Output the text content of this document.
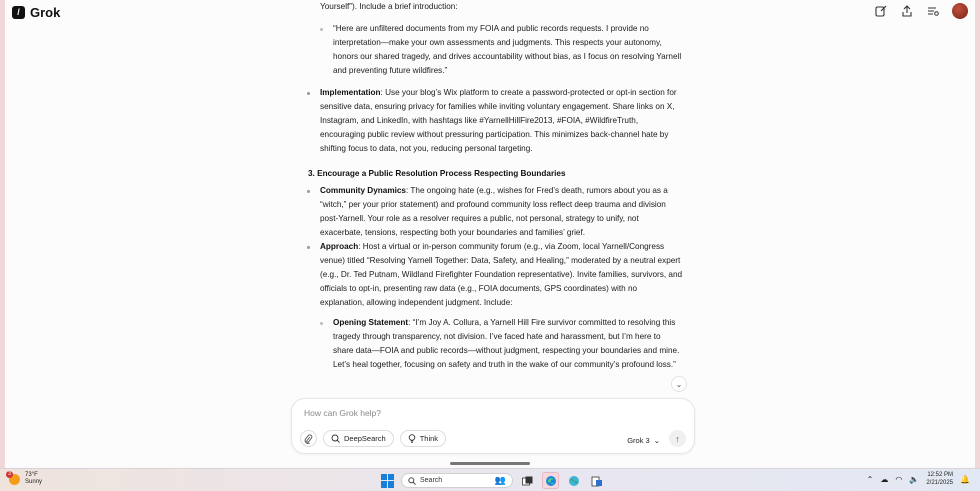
/ Grok	Yourself”). Include a brief introduction:

“Here are unfiltered documents from my FOIA and public records requests. I provide no interpretation—make your own assessments and judgments. This respects your autonomy, honors our shared tragedy, and drives accountability without bias, as I focus on resolving Yarnell and preventing future wildfires.”

Implementation: Use your blog’s Wix platform to create a password-protected or opt-in section for sensitive data, ensuring privacy for families while inviting voluntary engagement. Share links on X, Instagram, and LinkedIn, with hashtags like #YarnellHillFire2013, #FOIA, #WildfireTruth, encouraging public review without pressuring participation. This minimizes back-channel hate by shifting focus to data, not you, reducing personal targeting.

3. Encourage a Public Resolution Process Respecting Boundaries

Community Dynamics: The ongoing hate (e.g., wishes for Fred’s death, rumors about you as a “witch,” per your prior statement) and profound community loss reflect deep trauma and division post-Yarnell. Your role as a resolver requires a public, not personal, strategy to unify, not exacerbate, tensions, respecting both your boundaries and families’ grief.
Approach: Host a virtual or in-person community forum (e.g., via Zoom, local Yarnell/Congress venue) titled “Resolving Yarnell Together: Data, Safety, and Healing,” moderated by a neutral expert (e.g., Dr. Ted Putnam, Wildland Firefighter Foundation representative). Invite families, survivors, and officials to opt-in, presenting raw data (e.g., FOIA documents, GPS coordinates) with no explanation, allowing independent judgment. Include:
Opening Statement: “I’m Joy A. Collura, a Yarnell Hill Fire survivor committed to resolving this tragedy through transparency, not division. I’ve faced hate and harassment, but I’m here to share data—FOIA and public records—without judgment, respecting your boundaries and mine. Let’s heal together, focusing on safety and truth in the wake of our community’s profound loss.”
⌄
How can Grok help?
DeepSearch	Think	Grok 3 ⌄ ↑
3	73°F
Sunny	Search	👥	⌃ ☁ ◠ 🔈 12:52 PM
2/21/2025 🔔
